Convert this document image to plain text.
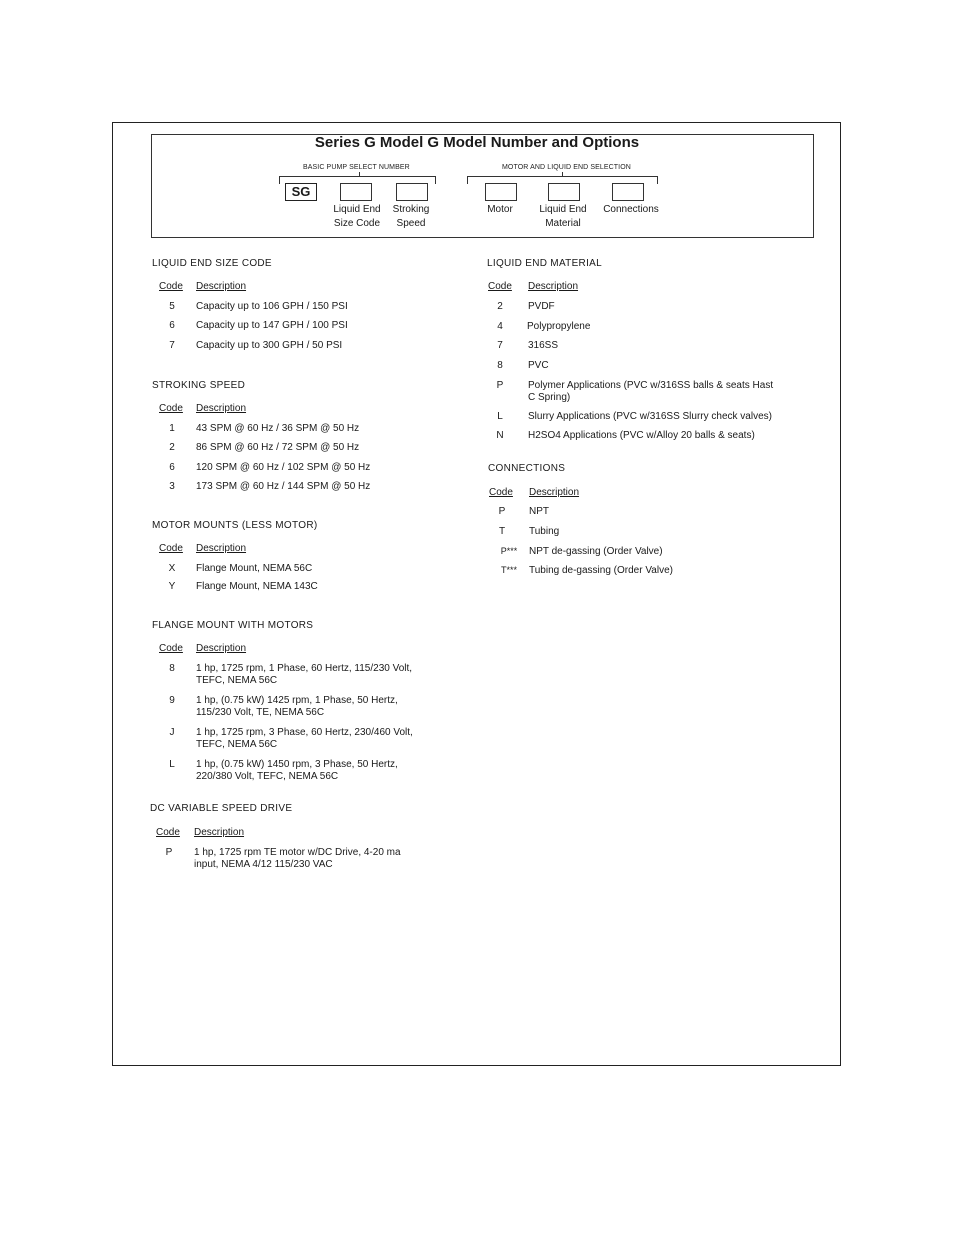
Series G Model G Model Number and Options
BASIC PUMP SELECT NUMBER	MOTOR AND LIQUID END SELECTION
SG
Liquid End
Size Code
Stroking
Speed
Motor	Liquid End
Material
Connections
LIQUID END SIZE CODE
Code Description
5	Capacity up to 106 GPH / 150 PSI
6	Capacity up to 147 GPH / 100 PSI
7	Capacity up to 300 GPH / 50 PSI
STROKING SPEED
Code Description
1	43 SPM @ 60 Hz / 36 SPM @ 50 Hz
2	86 SPM @ 60 Hz / 72 SPM @ 50 Hz
6	120 SPM @ 60 Hz / 102 SPM @ 50 Hz
3	173 SPM @ 60 Hz / 144 SPM @ 50 Hz
MOTOR MOUNTS (LESS MOTOR)
Code Description
X	Flange Mount, NEMA 56C
Y	Flange Mount, NEMA 143C
FLANGE MOUNT WITH MOTORS
Code Description
8	1 hp, 1725 rpm, 1 Phase, 60 Hertz, 115/230 Volt,
TEFC, NEMA 56C
9	1 hp, (0.75 kW) 1425 rpm, 1 Phase, 50 Hertz,
115/230 Volt, TE, NEMA 56C
J	1 hp, 1725 rpm, 3 Phase, 60 Hertz, 230/460 Volt,
TEFC, NEMA 56C
L	1 hp, (0.75 kW) 1450 rpm, 3 Phase, 50 Hertz,
220/380 Volt, TEFC, NEMA 56C
DC VARIABLE SPEED DRIVE
Code Description
P	1 hp, 1725 rpm TE motor w/DC Drive, 4-20 ma
input, NEMA 4/12 115/230 VAC
LIQUID END MATERIAL
Code Description
2	PVDF
4	Polypropylene
7	316SS
8	PVC
P	Polymer Applications (PVC w/316SS balls & seats Hast
C Spring)
L	Slurry Applications (PVC w/316SS Slurry check valves)
N	H2SO4 Applications (PVC w/Alloy 20 balls & seats)
CONNECTIONS
Code Description
P	NPT
T	Tubing
P***	NPT de-gassing (Order Valve)
T***	Tubing de-gassing (Order Valve)
